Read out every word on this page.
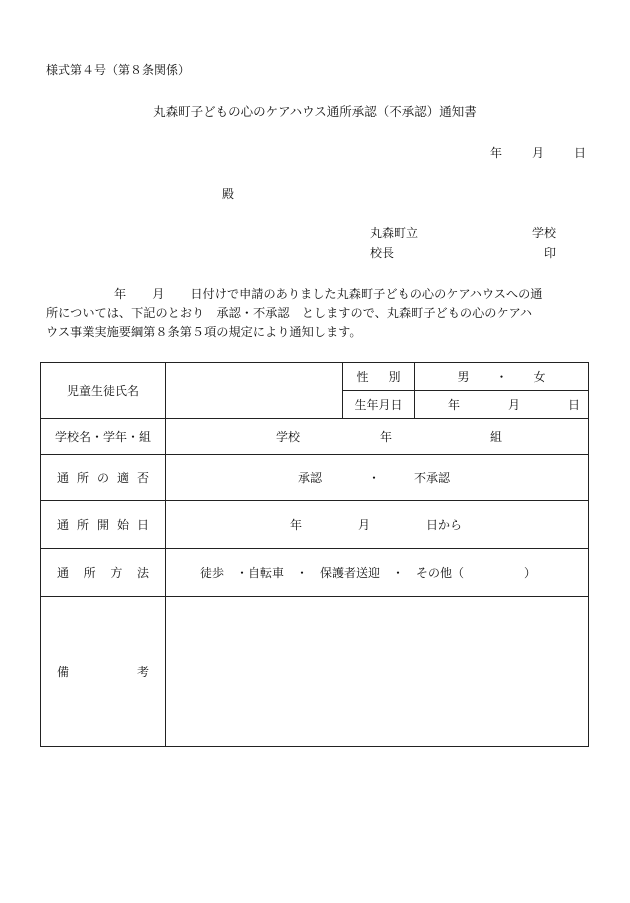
様式第４号（第８条関係）
丸森町子どもの心のケアハウス通所承認（不承認）通知書
年 月 日
殿
丸森町立	学校
校長	印

年 月 日付けで申請のありました丸森町子どもの心のケアハウスへの通

所については、下記のとおり　承認・不承認　としますので、丸森町子どもの心のケアハ

ウス事業実施要綱第８条第５項の規定により通知します。

児童生徒氏名		性 別	男 ・ 女

		生年月日	年 月 日

学校名・学年・組	学校 年 組		

通 所 の 適 否	承認 ・ 不承認		

通 所 開 始 日	年 月 日から		

通 所 方 法	徒歩　・自転車　・　保護者送迎　・　その他（　　　　　）		

備 考			
